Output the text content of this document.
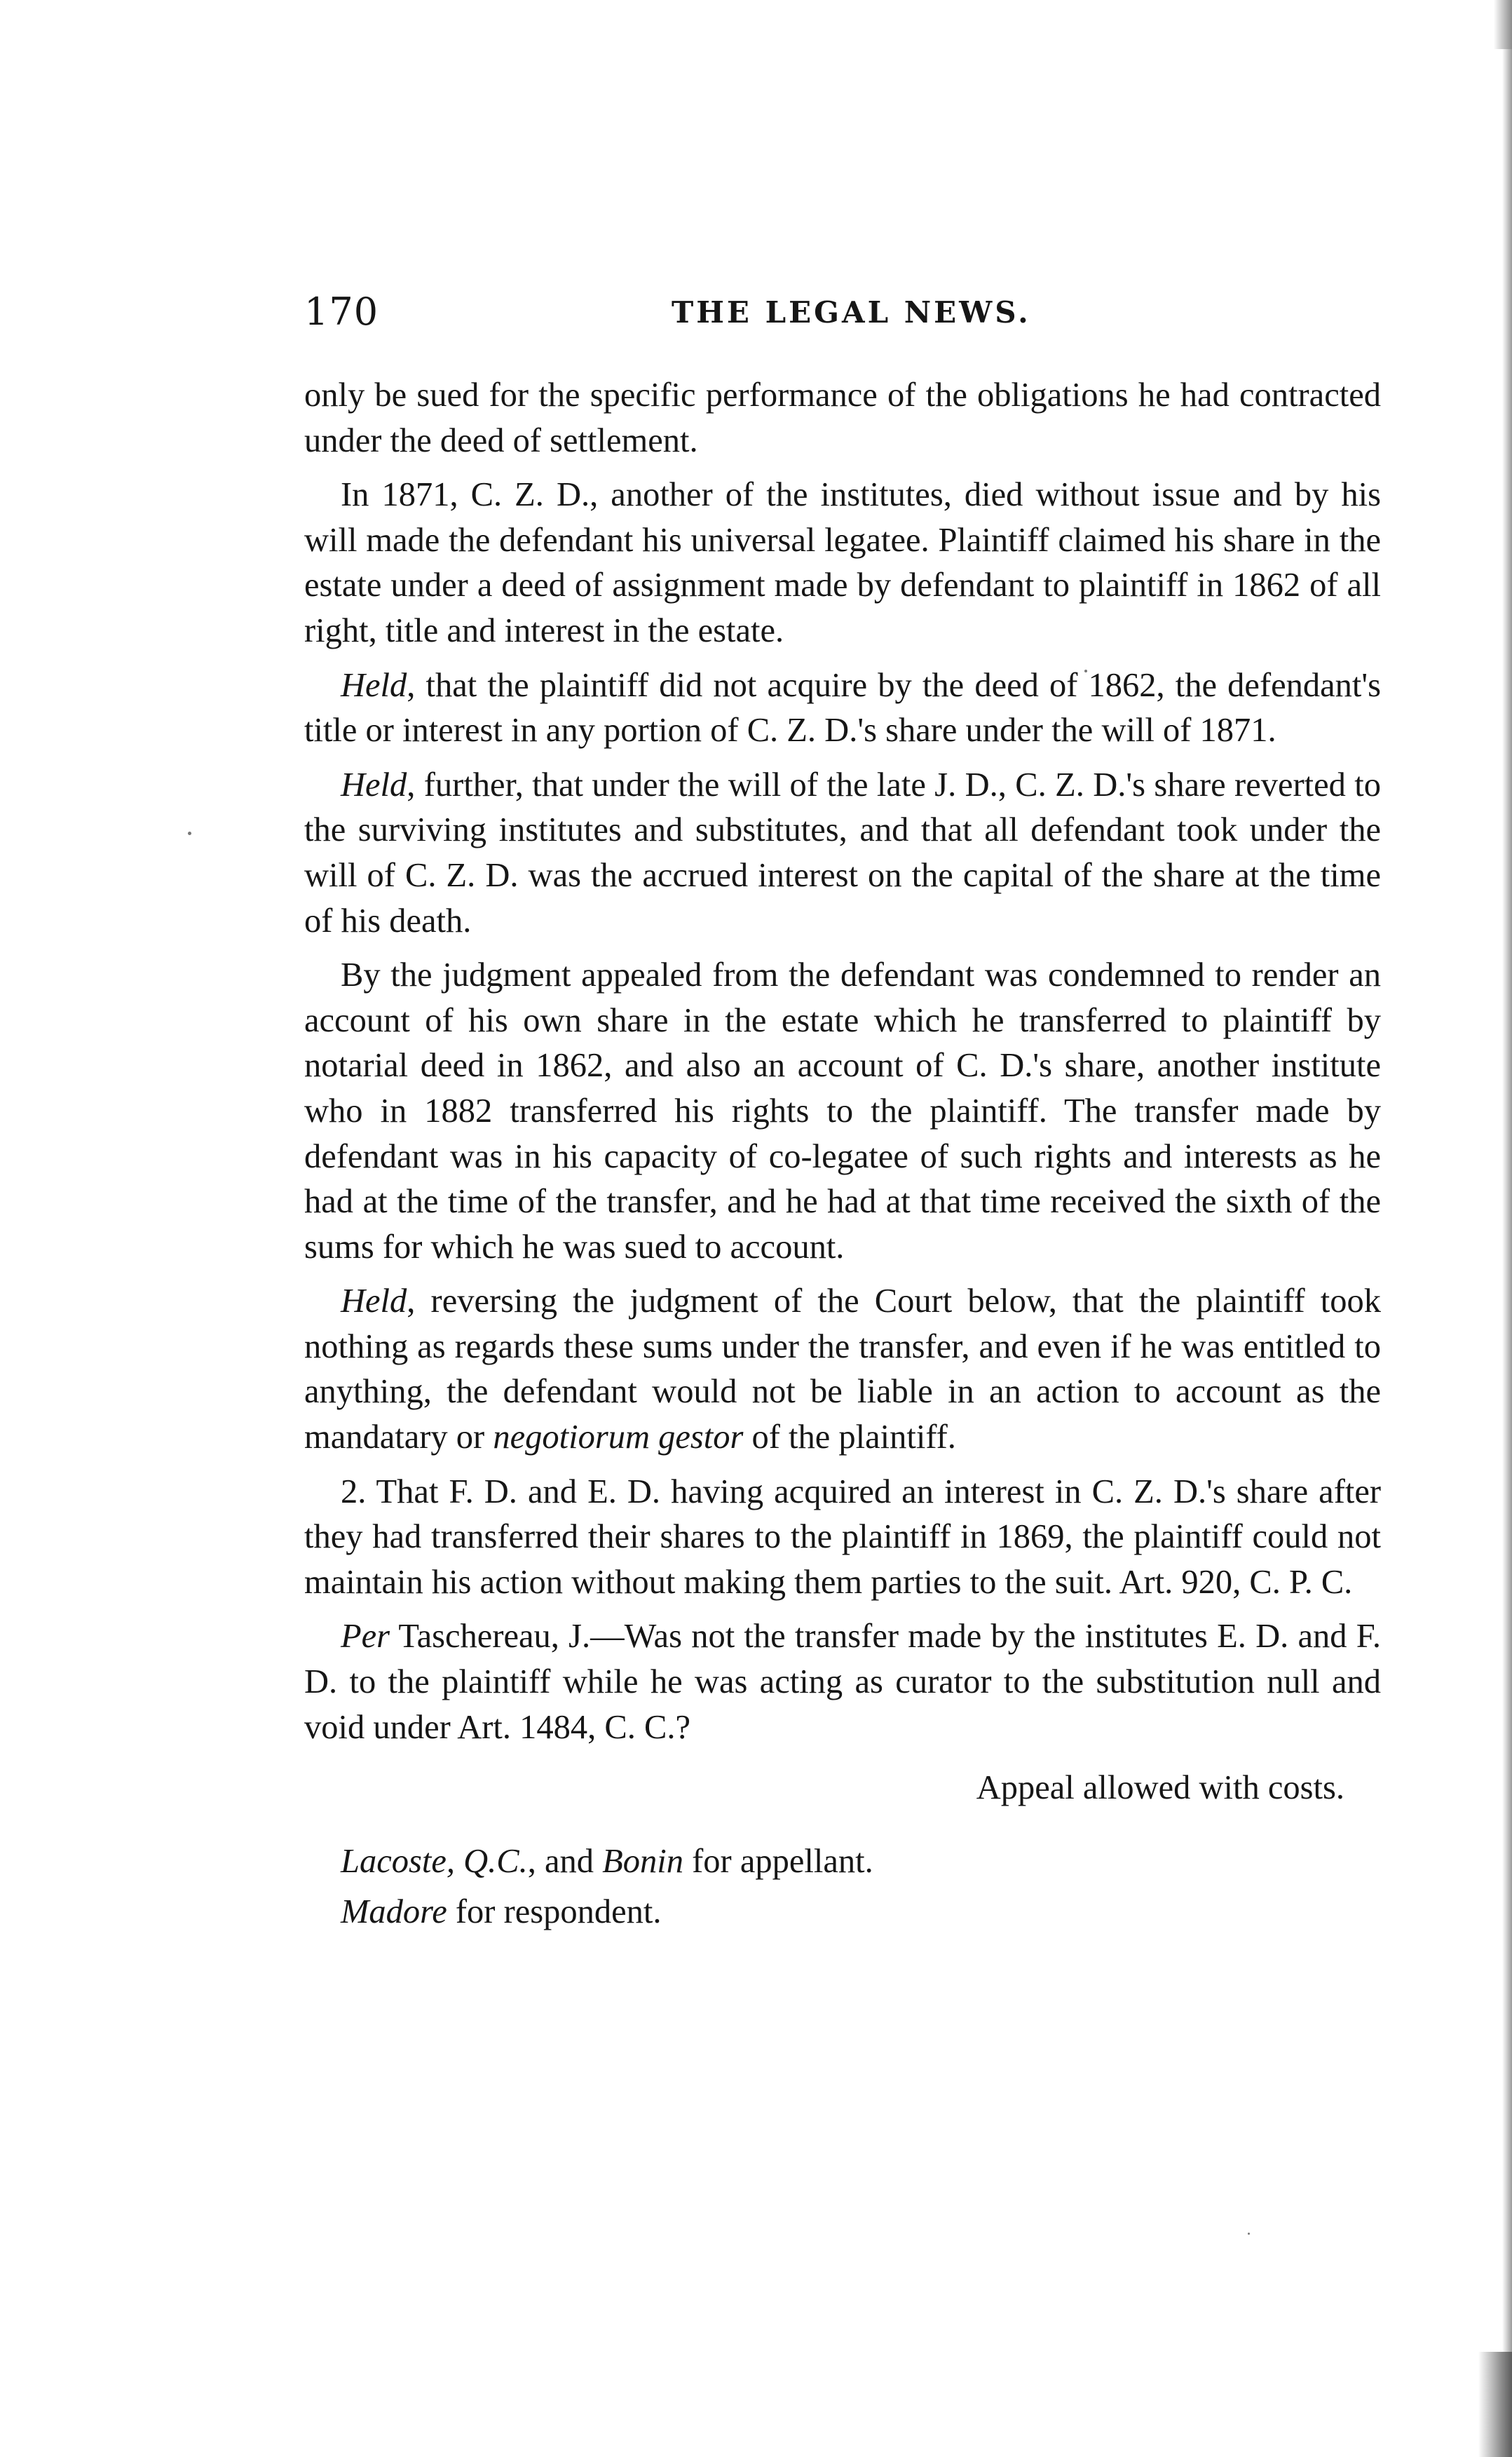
170	THE LEGAL NEWS.

only be sued for the specific performance of the obligations he had contracted under the deed of settlement.

In 1871, C. Z. D., another of the institutes, died without issue and by his will made the defendant his universal legatee. Plaintiff claimed his share in the estate under a deed of assignment made by defendant to plaintiff in 1862 of all right, title and interest in the estate.

Held, that the plaintiff did not acquire by the deed of 1862, the defendant's title or interest in any portion of C. Z. D.'s share under the will of 1871.

Held, further, that under the will of the late J. D., C. Z. D.'s share reverted to the surviving institutes and substitutes, and that all defendant took under the will of C. Z. D. was the accrued interest on the capital of the share at the time of his death.

By the judgment appealed from the defendant was condemned to render an account of his own share in the estate which he transferred to plaintiff by notarial deed in 1862, and also an account of C. D.'s share, another institute who in 1882 transferred his rights to the plaintiff. The transfer made by defendant was in his capacity of co-legatee of such rights and interests as he had at the time of the transfer, and he had at that time received the sixth of the sums for which he was sued to account.

Held, reversing the judgment of the Court below, that the plaintiff took nothing as regards these sums under the transfer, and even if he was entitled to anything, the defendant would not be liable in an action to account as the mandatary or negotiorum gestor of the plaintiff.

2. That F. D. and E. D. having acquired an interest in C. Z. D.'s share after they had transferred their shares to the plaintiff in 1869, the plaintiff could not maintain his action without making them parties to the suit. Art. 920, C. P. C.

Per Taschereau, J.—Was not the transfer made by the institutes E. D. and F. D. to the plaintiff while he was acting as curator to the substitution null and void under Art. 1484, C. C.?

Appeal allowed with costs.

Lacoste, Q.C., and Bonin for appellant.

Madore for respondent.
